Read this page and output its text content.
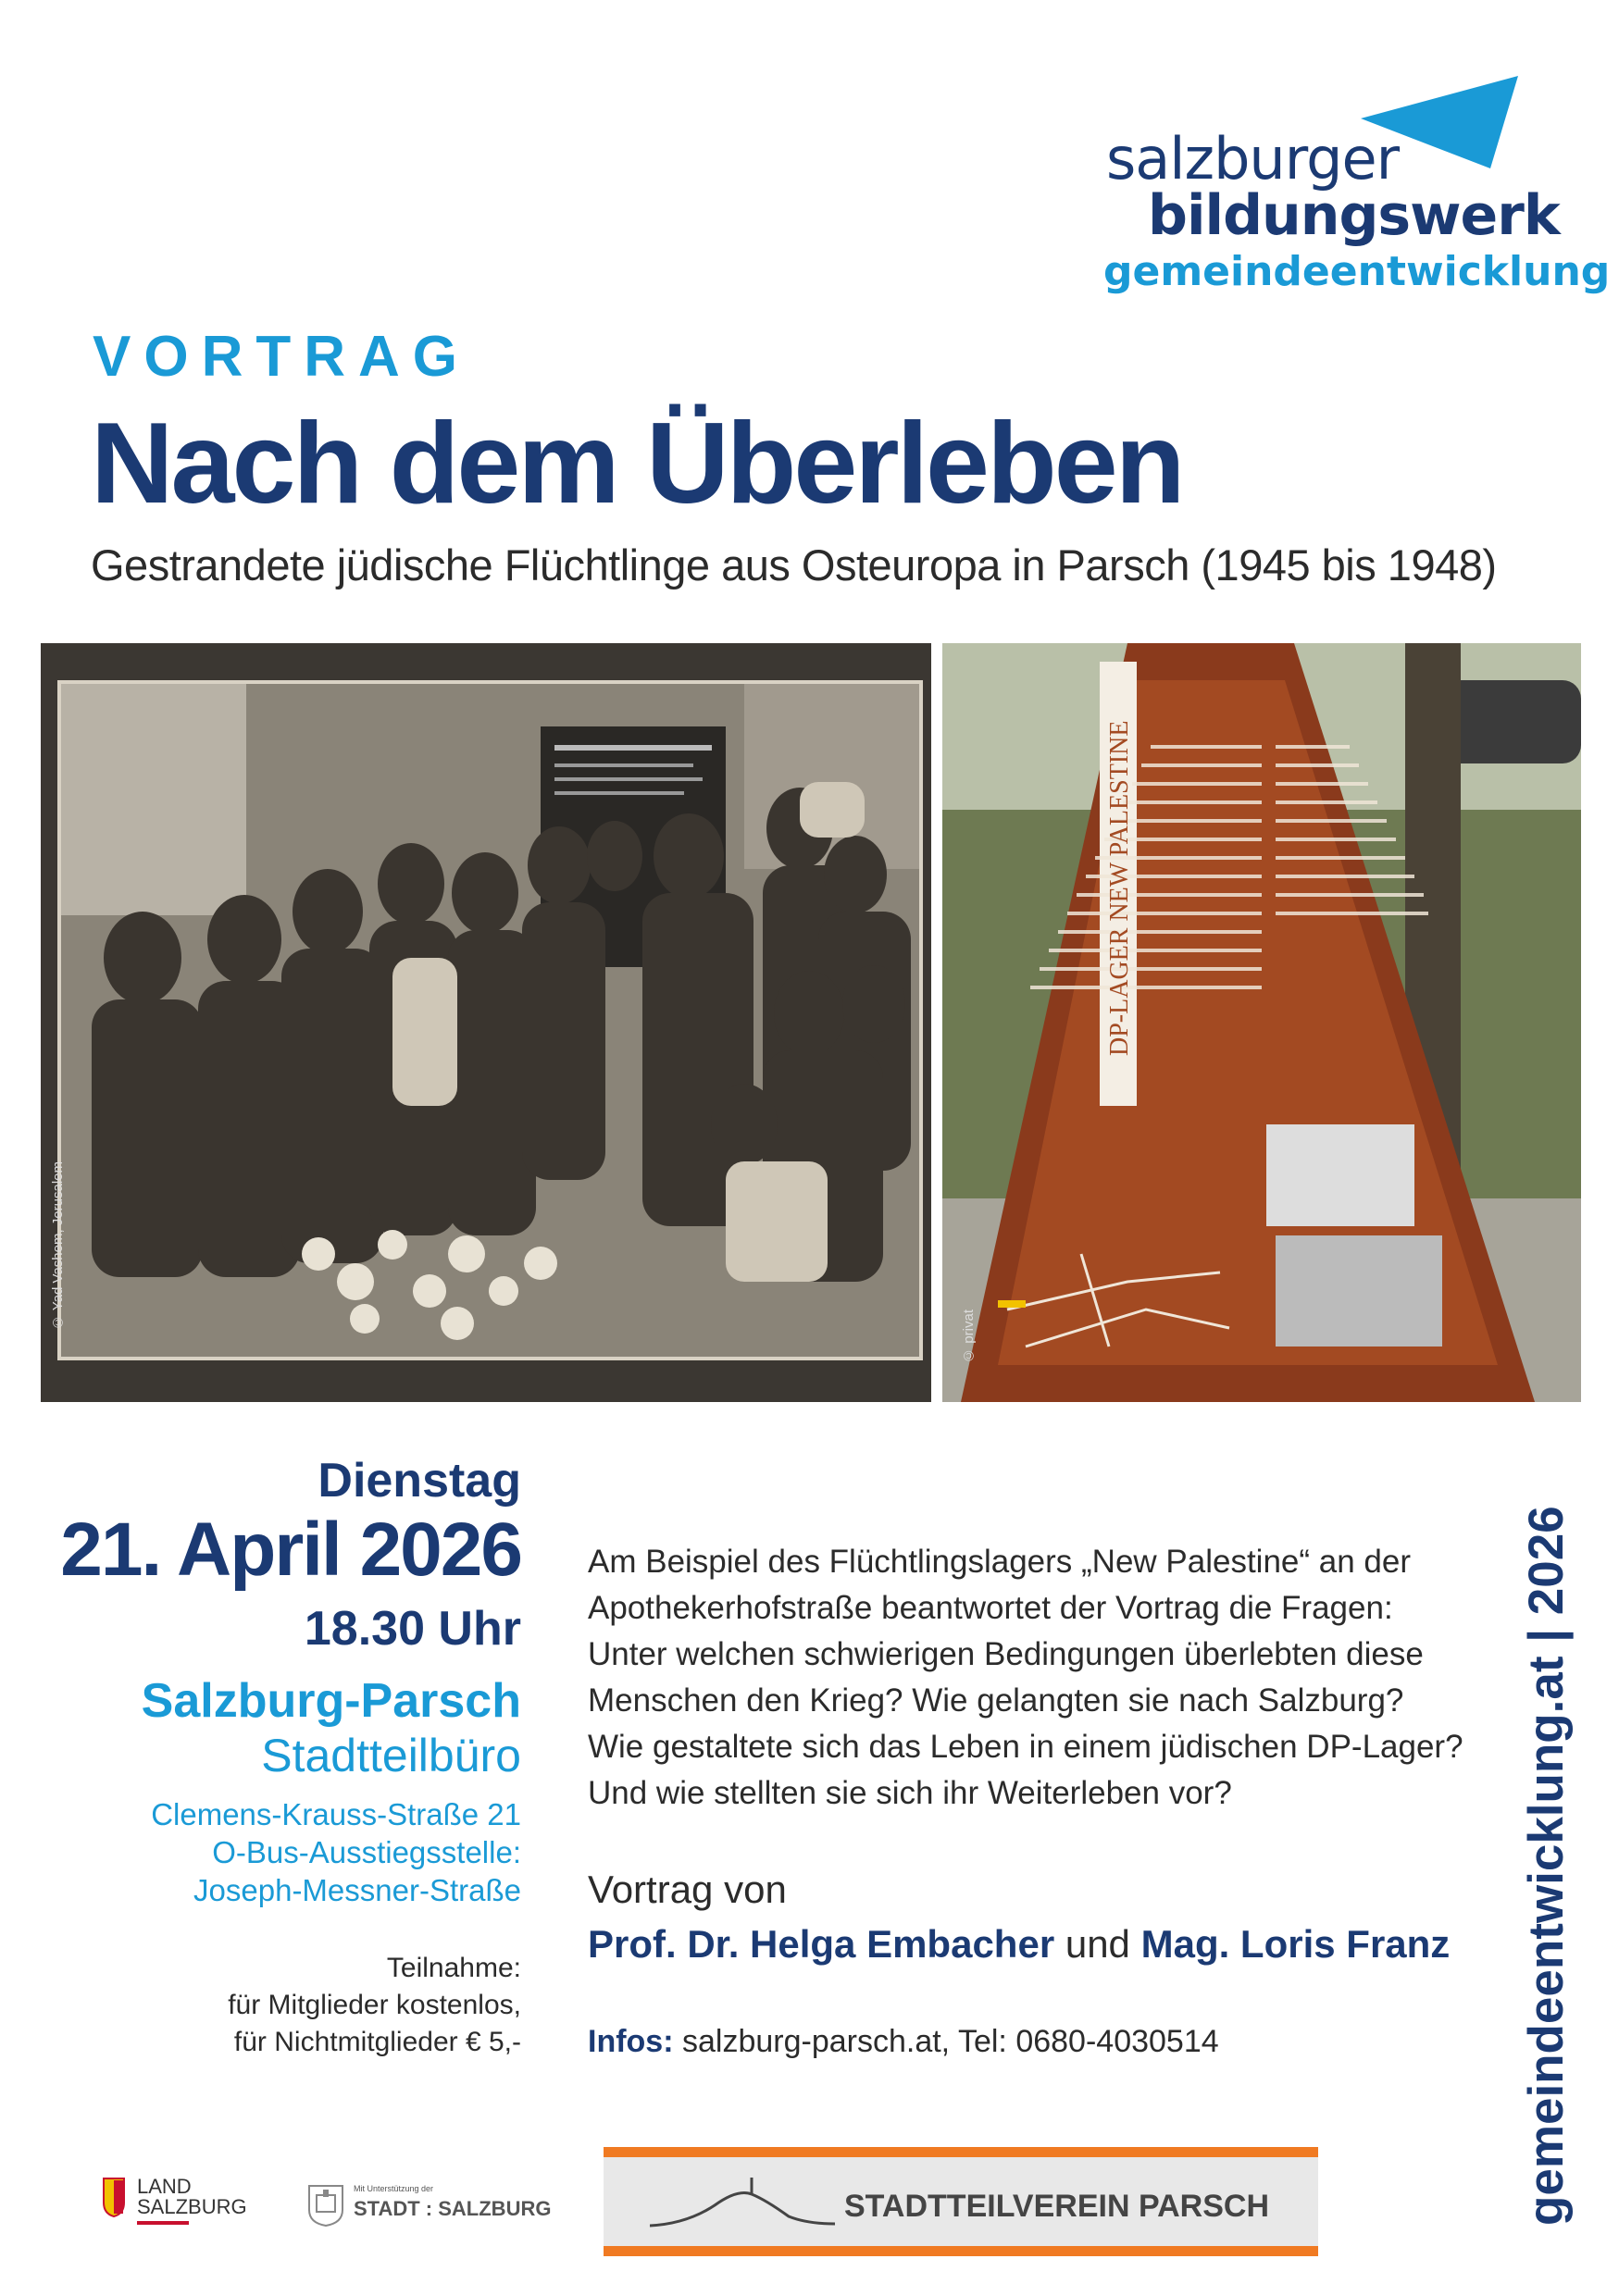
salzburger
bildungswerk
gemeindeentwicklung
VORTRAG
Nach dem Überleben
Gestrandete jüdische Flüchtlinge aus Osteuropa in Parsch (1945 bis 1948)
© Yad Vashem, Jerusalem
DP-LAGER NEW PALESTINE
© privat
Dienstag
21. April 2026
18.30 Uhr
Salzburg-Parsch
Stadtteilbüro
Clemens-Krauss-Straße 21
O-Bus-Ausstiegsstelle:
Joseph-Messner-Straße
Teilnahme:
für Mitglieder kostenlos,
für Nichtmitglieder € 5,-
Am Beispiel des Flüchtlingslagers „New Palestine“ an der
Apothekerhofstraße beantwortet der Vortrag die Fragen:
Unter welchen schwierigen Bedingungen überlebten diese
Menschen den Krieg? Wie gelangten sie nach Salzburg?
Wie gestaltete sich das Leben in einem jüdischen DP-Lager?
Und wie stellten sie sich ihr Weiterleben vor?
Vortrag von
Prof. Dr. Helga Embacher und Mag. Loris Franz
Infos: salzburg-parsch.at, Tel: 0680-4030514	gemeindeentwicklung.at | 2026
LAND
SALZBURG
Mit Unterstützung der
STADT : SALZBURG	STADTTEILVEREIN PARSCH
